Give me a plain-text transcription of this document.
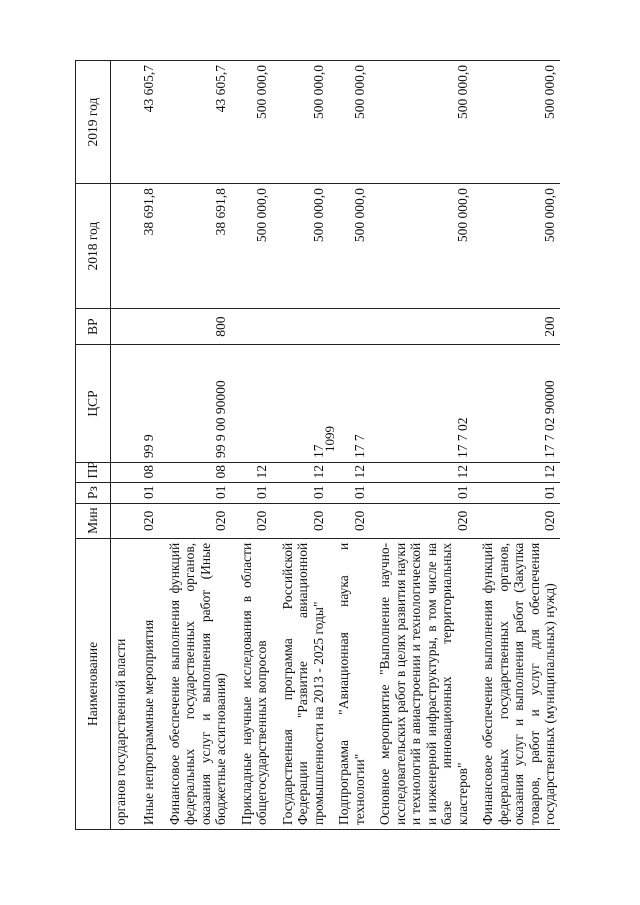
1099
Наименование	Мин	Рз	ПР	ЦСР	ВР	2018 год	2019 год
органов государственной власти							
Иные непрограммные мероприятия	020	01	08	99 9		38 691,8	43 605,7
Финансовое обеспечение выполнения функций федеральных государственных органов, оказания услуг и выполнения работ (Иные бюджетные ассигнования)	020	01	08	99 9 00 90000	800	38 691,8	43 605,7
Прикладные научные исследования в области общегосударственных вопросов	020	01	12			500 000,0	500 000,0
Государственная программа Российской Федерации "Развитие авиационной промышленности на 2013 - 2025 годы"	020	01	12	17		500 000,0	500 000,0
Подпрограмма "Авиационная наука и технологии"	020	01	12	17 7		500 000,0	500 000,0
Основное мероприятие "Выполнение научно-исследовательских работ в целях развития науки и технологий в авиастроении и технологической и инженерной инфраструктуры, в том числе на базе инновационных территориальных кластеров"	020	01	12	17 7 02		500 000,0	500 000,0
Финансовое обеспечение выполнения функций федеральных государственных органов, оказания услуг и выполнения работ (Закупка товаров, работ и услуг для обеспечения государственных (муниципальных) нужд)	020	01	12	17 7 02 90000	200	500 000,0	500 000,0
